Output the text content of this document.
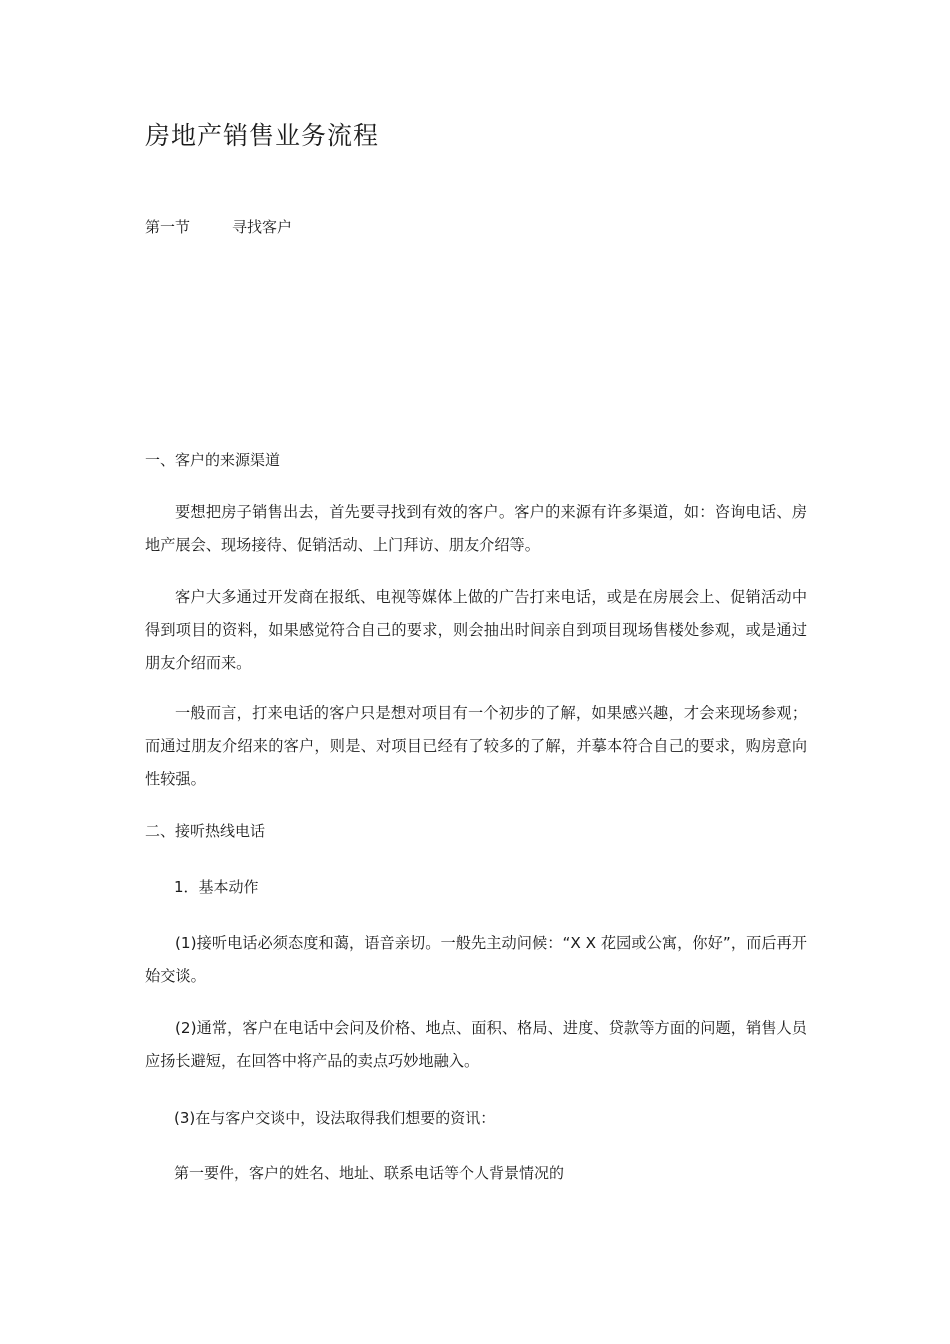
房地产销售业务流程
第一节	寻找客户
一、客户的来源渠道

要想把房子销售出去，首先要寻找到有效的客户。客户的来源有许多渠道，如：咨询电话、房地产展会、现场接待、促销活动、上门拜访、朋友介绍等。

客户大多通过开发商在报纸、电视等媒体上做的广告打来电话，或是在房展会上、促销活动中得到项目的资料，如果感觉符合自己的要求，则会抽出时间亲自到项目现场售楼处参观，或是通过朋友介绍而来。

一般而言，打来电话的客户只是想对项目有一个初步的了解，如果感兴趣，才会来现场参观；而通过朋友介绍来的客户，则是、对项目已经有了较多的了解，并摹本符合自己的要求，购房意向性较强。

二、接听热线电话
1．基本动作

(1)接听电话必须态度和蔼，语音亲切。一般先主动问候：“X X 花园或公寓，你好”，而后再开始交谈。

(2)通常，客户在电话中会问及价格、地点、面积、格局、进度、贷款等方面的问题，销售人员应扬长避短，在回答中将产品的卖点巧妙地融入。

(3)在与客户交谈中，设法取得我们想要的资讯：
第一要件，客户的姓名、地址、联系电话等个人背景情况的
